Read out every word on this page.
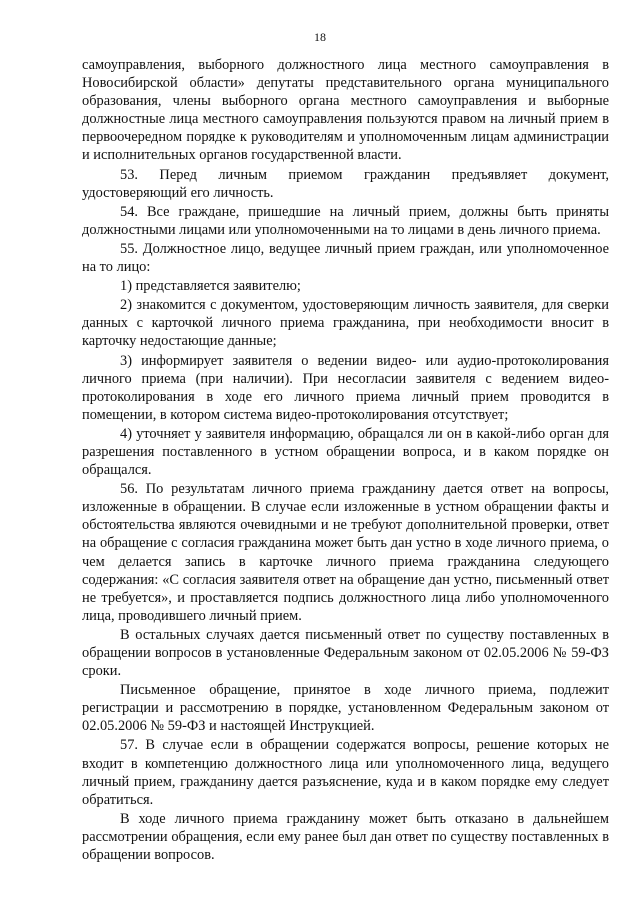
18

самоуправления, выборного должностного лица местного самоуправления в Новосибирской области» депутаты представительного органа муниципального образования, члены выборного органа местного самоуправления и выборные должностные лица местного самоуправления пользуются правом на личный прием в первоочередном порядке к руководителям и уполномоченным лицам администрации и исполнительных органов государственной власти.

53. Перед личным приемом гражданин предъявляет документ, удостоверяющий его личность.

54. Все граждане, пришедшие на личный прием, должны быть приняты должностными лицами или уполномоченными на то лицами в день личного приема.

55. Должностное лицо, ведущее личный прием граждан, или уполномоченное на то лицо:

1) представляется заявителю;

2) знакомится с документом, удостоверяющим личность заявителя, для сверки данных с карточкой личного приема гражданина, при необходимости вносит в карточку недостающие данные;

3) информирует заявителя о ведении видео- или аудио-протоколирования личного приема (при наличии). При несогласии заявителя с ведением видео-протоколирования в ходе его личного приема личный прием проводится в помещении, в котором система видео-протоколирования отсутствует;

4) уточняет у заявителя информацию, обращался ли он в какой-либо орган для разрешения поставленного в устном обращении вопроса, и в каком порядке он обращался.

56. По результатам личного приема гражданину дается ответ на вопросы, изложенные в обращении. В случае если изложенные в устном обращении факты и обстоятельства являются очевидными и не требуют дополнительной проверки, ответ на обращение с согласия гражданина может быть дан устно в ходе личного приема, о чем делается запись в карточке личного приема гражданина следующего содержания: «С согласия заявителя ответ на обращение дан устно, письменный ответ не требуется», и проставляется подпись должностного лица либо уполномоченного лица, проводившего личный прием.

В остальных случаях дается письменный ответ по существу поставленных в обращении вопросов в установленные Федеральным законом от 02.05.2006 № 59-ФЗ сроки.

Письменное обращение, принятое в ходе личного приема, подлежит регистрации и рассмотрению в порядке, установленном Федеральным законом от 02.05.2006 № 59-ФЗ и настоящей Инструкцией.

57. В случае если в обращении содержатся вопросы, решение которых не входит в компетенцию должностного лица или уполномоченного лица, ведущего личный прием, гражданину дается разъяснение, куда и в каком порядке ему следует обратиться.

В ходе личного приема гражданину может быть отказано в дальнейшем рассмотрении обращения, если ему ранее был дан ответ по существу поставленных в обращении вопросов.
